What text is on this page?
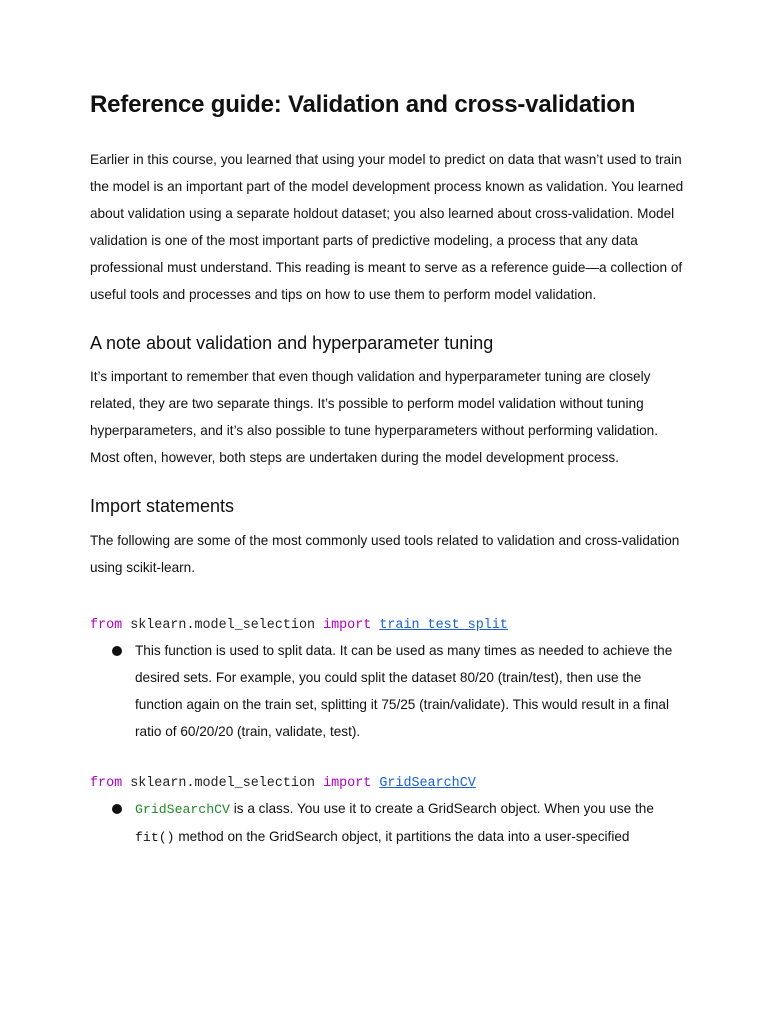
Reference guide: Validation and cross-validation

Earlier in this course, you learned that using your model to predict on data that wasn’t used to train the model is an important part of the model development process known as validation. You learned about validation using a separate holdout dataset; you also learned about cross-validation. Model validation is one of the most important parts of predictive modeling, a process that any data professional must understand. This reading is meant to serve as a reference guide—a collection of useful tools and processes and tips on how to use them to perform model validation.

A note about validation and hyperparameter tuning

It’s important to remember that even though validation and hyperparameter tuning are closely related, they are two separate things. It’s possible to perform model validation without tuning hyperparameters, and it’s also possible to tune hyperparameters without performing validation. Most often, however, both steps are undertaken during the model development process.

Import statements

The following are some of the most commonly used tools related to validation and cross-validation using scikit-learn.

from sklearn.model_selection import train_test_split
This function is used to split data. It can be used as many times as needed to achieve the desired sets. For example, you could split the dataset 80/20 (train/test), then use the function again on the train set, splitting it 75/25 (train/validate). This would result in a final ratio of 60/20/20 (train, validate, test).
from sklearn.model_selection import GridSearchCV
GridSearchCV is a class. You use it to create a GridSearch object. When you use the fit() method on the GridSearch object, it partitions the data into a user-specified
